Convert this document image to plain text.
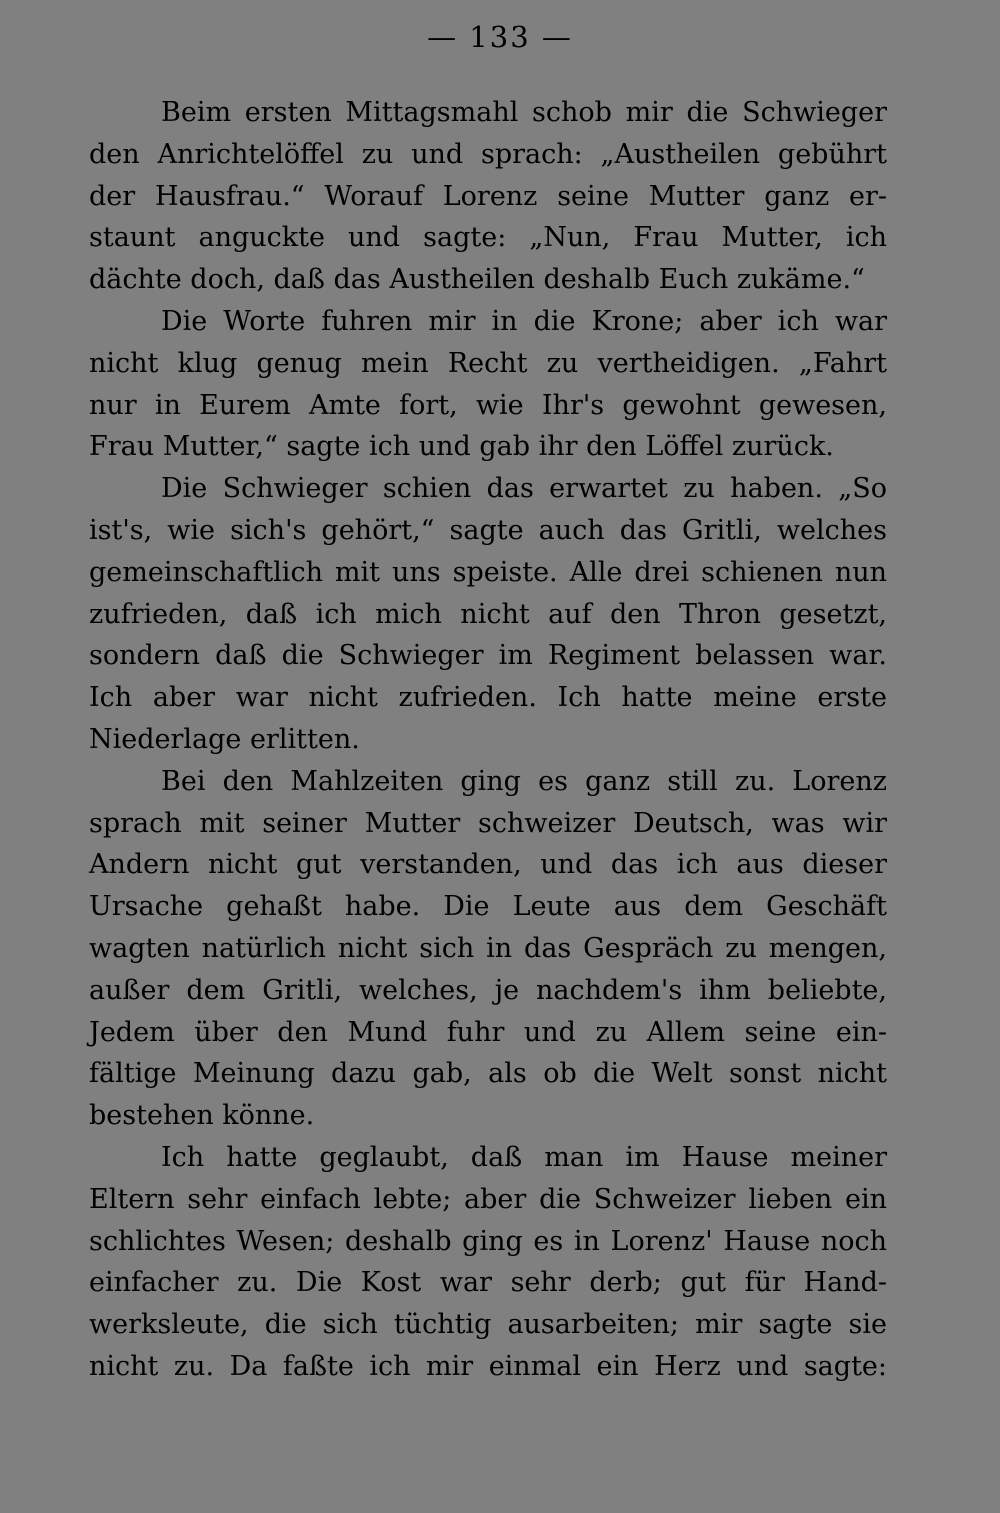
— 133 —
Beim ersten Mittagsmahl schob mir die Schwieger
den Anrichtelöffel zu und sprach: „Austheilen gebührt
der Hausfrau.“ Worauf Lorenz seine Mutter ganz er-
staunt anguckte und sagte: „Nun, Frau Mutter, ich
dächte doch, daß das Austheilen deshalb Euch zukäme.“
Die Worte fuhren mir in die Krone; aber ich war
nicht klug genug mein Recht zu vertheidigen. „Fahrt
nur in Eurem Amte fort, wie Ihr's gewohnt gewesen,
Frau Mutter,“ sagte ich und gab ihr den Löffel zurück.
Die Schwieger schien das erwartet zu haben. „So
ist's, wie sich's gehört,“ sagte auch das Gritli, welches
gemeinschaftlich mit uns speiste. Alle drei schienen nun
zufrieden, daß ich mich nicht auf den Thron gesetzt,
sondern daß die Schwieger im Regiment belassen war.
Ich aber war nicht zufrieden. Ich hatte meine erste
Niederlage erlitten.
Bei den Mahlzeiten ging es ganz still zu. Lorenz
sprach mit seiner Mutter schweizer Deutsch, was wir
Andern nicht gut verstanden, und das ich aus dieser
Ursache gehaßt habe. Die Leute aus dem Geschäft
wagten natürlich nicht sich in das Gespräch zu mengen,
außer dem Gritli, welches, je nachdem's ihm beliebte,
Jedem über den Mund fuhr und zu Allem seine ein-
fältige Meinung dazu gab, als ob die Welt sonst nicht
bestehen könne.
Ich hatte geglaubt, daß man im Hause meiner
Eltern sehr einfach lebte; aber die Schweizer lieben ein
schlichtes Wesen; deshalb ging es in Lorenz' Hause noch
einfacher zu. Die Kost war sehr derb; gut für Hand-
werksleute, die sich tüchtig ausarbeiten; mir sagte sie
nicht zu. Da faßte ich mir einmal ein Herz und sagte:
